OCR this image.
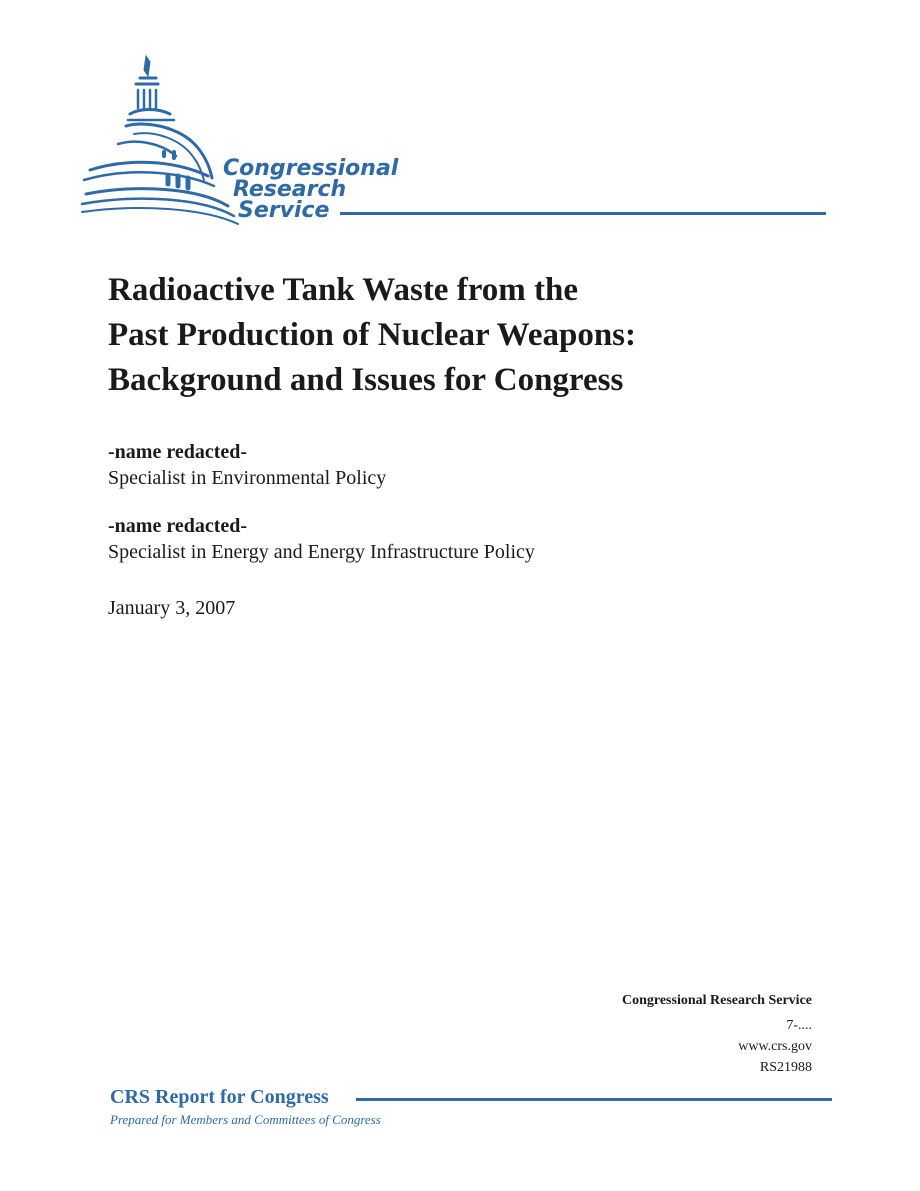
Congressional
Research
Service
Radioactive Tank Waste from the
Past Production of Nuclear Weapons:
Background and Issues for Congress
-name redacted-
Specialist in Environmental Policy
-name redacted-
Specialist in Energy and Energy Infrastructure Policy
January 3, 2007
Congressional Research Service
7-....
www.crs.gov
RS21988
CRS Report for Congress
Prepared for Members and Committees of Congress
